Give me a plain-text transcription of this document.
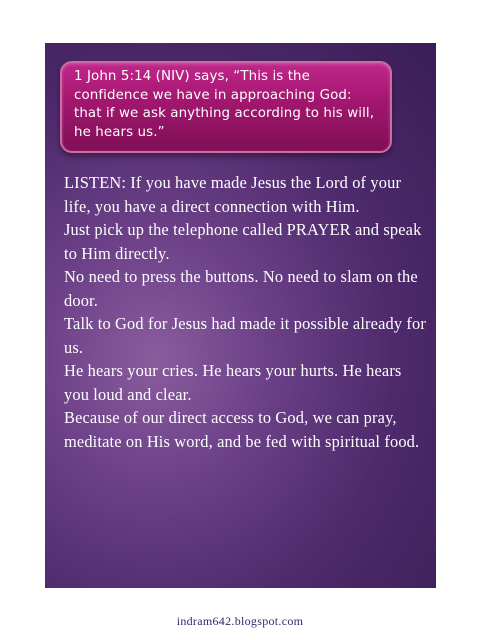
1 John 5:14 (NIV) says, “This is the confidence we have in approaching God: that if we ask anything according to his will, he hears us.”

LISTEN: If you have made Jesus the Lord of your life, you have a direct connection with Him.

Just pick up the telephone called PRAYER and speak to Him directly.

No need to press the buttons. No need to slam on the door.

Talk to God for Jesus had made it possible already for us.

He hears your cries. He hears your hurts. He hears you loud and clear.

Because of our direct access to God, we can pray, meditate on His word, and be fed with spiritual food.

indram642.blogspot.com
